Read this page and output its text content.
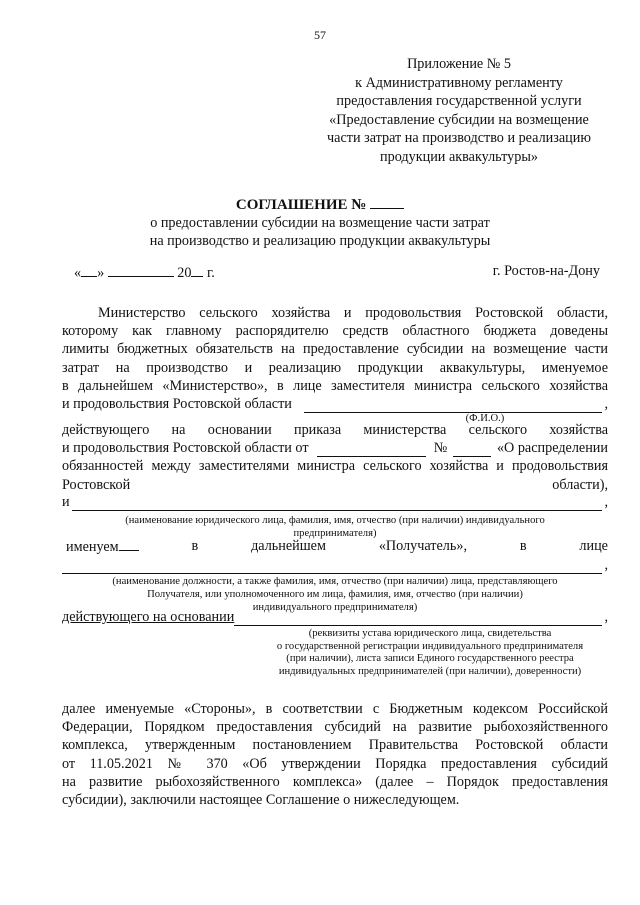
57
Приложение № 5
к Административному регламенту
предоставления государственной услуги
«Предоставление субсидии на возмещение
части затрат на производство и реализацию
продукции аквакультуры»
СОГЛАШЕНИЕ №
о предоставлении субсидии на возмещение части затрат
на производство и реализацию продукции аквакультуры
« »	20 г.	г. Ростов-на-Дону
Министерство сельского хозяйства и продовольствия Ростовской области,
которому как главному распорядителю средств областного бюджета доведены
лимиты бюджетных обязательств на предоставление субсидии на возмещение части
затрат на производство и реализацию продукции аквакультуры, именуемое
в дальнейшем «Министерство», в лице заместителя министра сельского хозяйства
и продовольствия Ростовской области	,
(Ф.И.О.)
действующего на основании приказа министерства сельского хозяйства
и продовольствия Ростовской области от	№	«О распределении
обязанностей между заместителями министра сельского хозяйства и продовольствия
Ростовской	области),
и	,
(наименование юридического лица, фамилия, имя, отчество (при наличии) индивидуального
предпринимателя)
именуем	в	дальнейшем	«Получатель»,	в	лице
,
(наименование должности, а также фамилия, имя, отчество (при наличии) лица, представляющего
Получателя, или уполномоченного им лица, фамилия, имя, отчество (при наличии)
индивидуального предпринимателя)
действующего на основании	,
(реквизиты устава юридического лица, свидетельства
о государственной регистрации индивидуального предпринимателя
(при наличии), листа записи Единого государственного реестра
индивидуальных предпринимателей (при наличии), доверенности)
далее именуемые «Стороны», в соответствии с Бюджетным кодексом Российской
Федерации, Порядком предоставления субсидий на развитие рыбохозяйственного
комплекса, утвержденным постановлением Правительства Ростовской области
от 11.05.2021 № 370 «Об утверждении Порядка предоставления субсидий
на развитие рыбохозяйственного комплекса» (далее – Порядок предоставления
субсидии), заключили настоящее Соглашение о нижеследующем.
